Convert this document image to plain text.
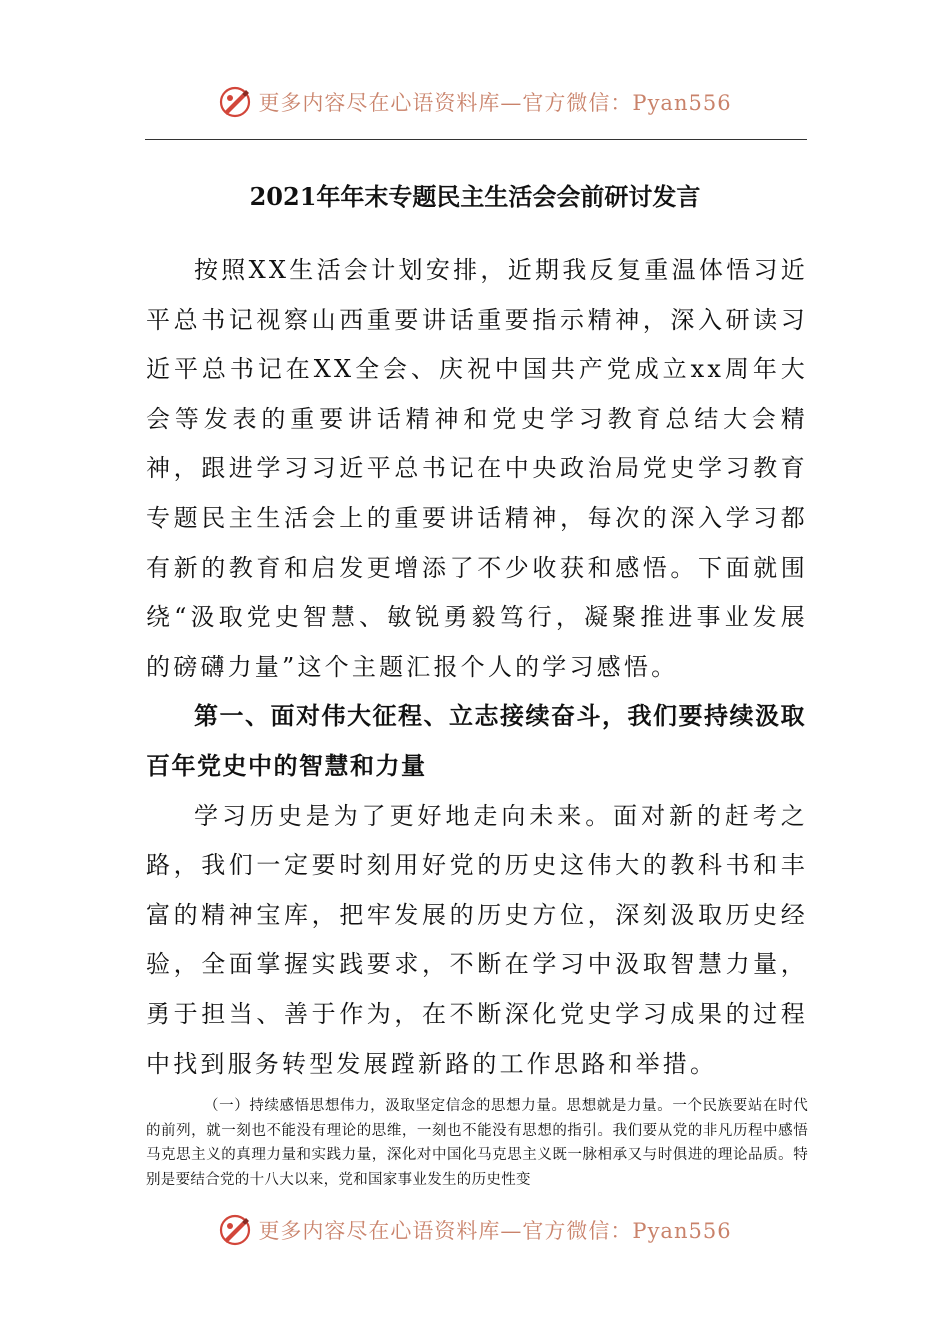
更多内容尽在心语资料库—官方微信：Pyan556
2021年年末专题民主生活会会前研讨发言

按照XX生活会计划安排，近期我反复重温体悟习近平总书记视察山西重要讲话重要指示精神，深入研读习近平总书记在XX全会、庆祝中国共产党成立xx周年大会等发表的重要讲话精神和党史学习教育总结大会精神，跟进学习习近平总书记在中央政治局党史学习教育专题民主生活会上的重要讲话精神，每次的深入学习都有新的教育和启发更增添了不少收获和感悟。下面就围绕“汲取党史智慧、敏锐勇毅笃行，凝聚推进事业发展的磅礴力量”这个主题汇报个人的学习感悟。

第一、面对伟大征程、立志接续奋斗，我们要持续汲取百年党史中的智慧和力量

学习历史是为了更好地走向未来。面对新的赶考之路，我们一定要时刻用好党的历史这伟大的教科书和丰富的精神宝库，把牢发展的历史方位，深刻汲取历史经验，全面掌握实践要求，不断在学习中汲取智慧力量，勇于担当、善于作为，在不断深化党史学习成果的过程中找到服务转型发展蹚新路的工作思路和举措。

（一）持续感悟思想伟力，汲取坚定信念的思想力量。思想就是力量。一个民族要站在时代的前列，就一刻也不能没有理论的思维，一刻也不能没有思想的指引。我们要从党的非凡历程中感悟马克思主义的真理力量和实践力量，深化对中国化马克思主义既一脉相承又与时俱进的理论品质。特别是要结合党的十八大以来，党和国家事业发生的历史性变

更多内容尽在心语资料库—官方微信：Pyan556
